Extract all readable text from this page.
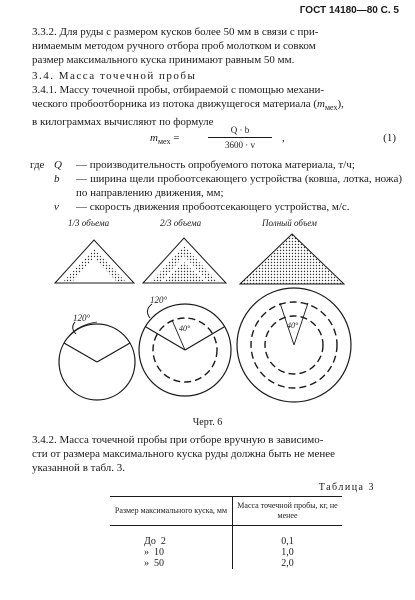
ГОСТ 14180—80 С. 5
3.3.2. Для руды с размером кусков более 50 мм в связи с при-
нимаемым методом ручного отбора проб молотком и совком
размер максимального куска принимают равным 50 мм.
3.4. Масса точечной пробы
3.4.1. Массу точечной пробы, отбираемой с помощью механи-
ческого пробоотборника из потока движущегося материала $(m_{мех})$,
в килограммах вычисляют по формуле
$m_{мех}$ =
Q · b
3600 · v
,	(1)
где Q — производительность опробуемого потока материала, т/ч;
b — ширина щели пробоотсекающего устройства (ковша, лотка, ножа) по направлению движения, мм;
v — скорость движения пробоотсекающего устройства, м/с.
1/3 объема	2/3 объема	Полный объем
120°
120°
40°	40°
Черт. 6
3.4.2. Масса точечной пробы при отборе вручную в зависимо-
сти от размера максимального куска руды должна быть не менее
указанной в табл. 3.
Таблица 3
Размер максимального куска, мм	Масса точечной пробы, кг, не менее
До  2	0,1
»  10	1,0
»  50	2,0
